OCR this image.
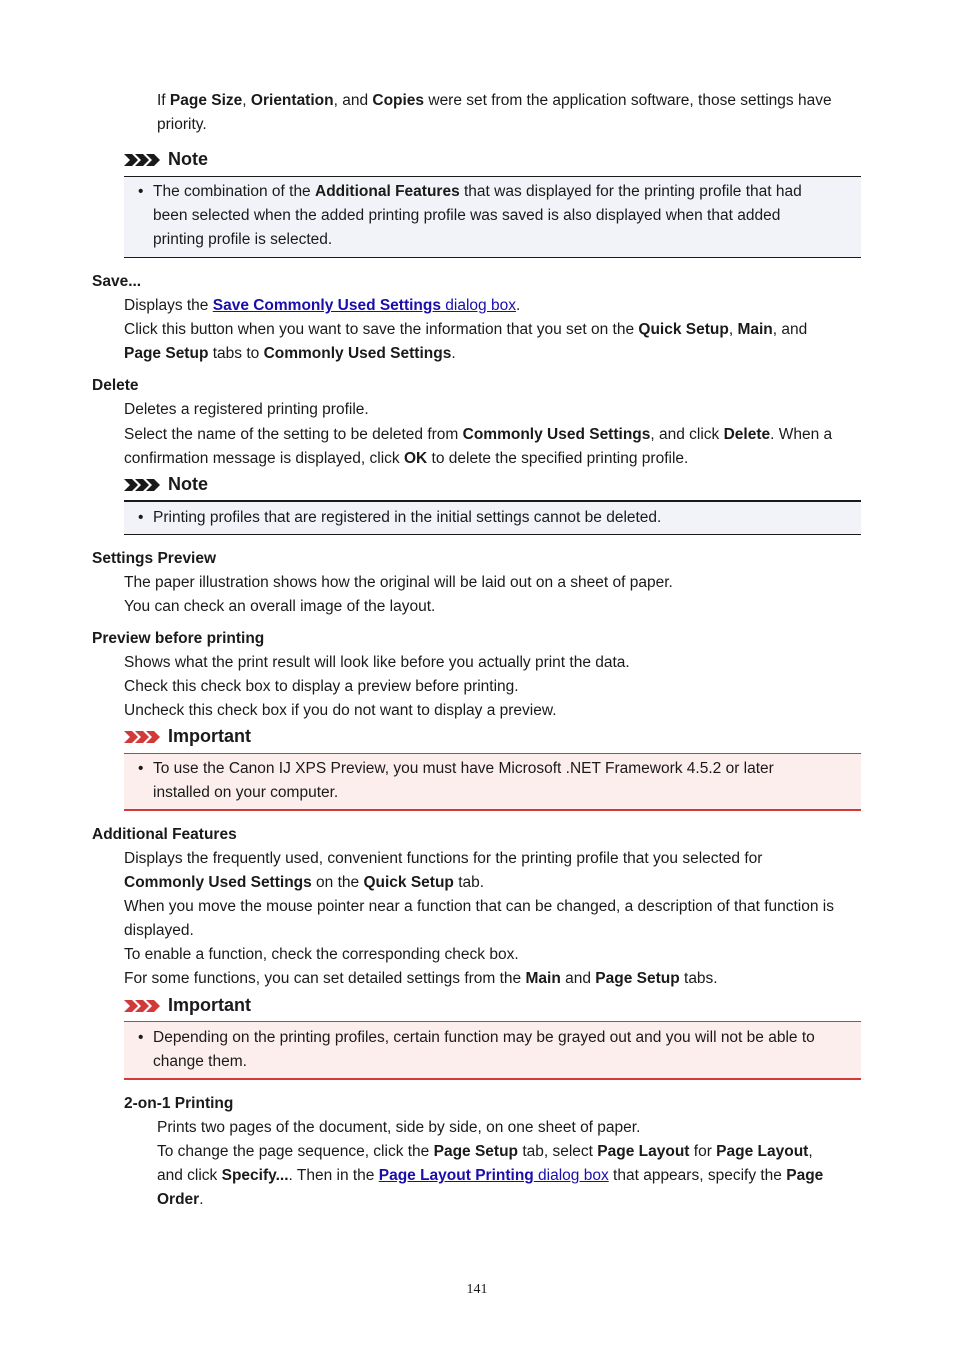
If Page Size, Orientation, and Copies were set from the application software, those settings have
priority.
Note
• The combination of the Additional Features that was displayed for the printing profile that had
been selected when the added printing profile was saved is also displayed when that added
printing profile is selected.
Save...
Displays the Save Commonly Used Settings dialog box.
Click this button when you want to save the information that you set on the Quick Setup, Main, and
Page Setup tabs to Commonly Used Settings.
Delete
Deletes a registered printing profile.
Select the name of the setting to be deleted from Commonly Used Settings, and click Delete. When a
confirmation message is displayed, click OK to delete the specified printing profile.
Note
• Printing profiles that are registered in the initial settings cannot be deleted.
Settings Preview
The paper illustration shows how the original will be laid out on a sheet of paper.
You can check an overall image of the layout.
Preview before printing
Shows what the print result will look like before you actually print the data.
Check this check box to display a preview before printing.
Uncheck this check box if you do not want to display a preview.
Important
• To use the Canon IJ XPS Preview, you must have Microsoft .NET Framework 4.5.2 or later
installed on your computer.
Additional Features
Displays the frequently used, convenient functions for the printing profile that you selected for
Commonly Used Settings on the Quick Setup tab.
When you move the mouse pointer near a function that can be changed, a description of that function is
displayed.
To enable a function, check the corresponding check box.
For some functions, you can set detailed settings from the Main and Page Setup tabs.
Important
• Depending on the printing profiles, certain function may be grayed out and you will not be able to
change them.
2-on-1 Printing
Prints two pages of the document, side by side, on one sheet of paper.
To change the page sequence, click the Page Setup tab, select Page Layout for Page Layout,
and click Specify.... Then in the Page Layout Printing dialog box that appears, specify the Page
Order.
141
